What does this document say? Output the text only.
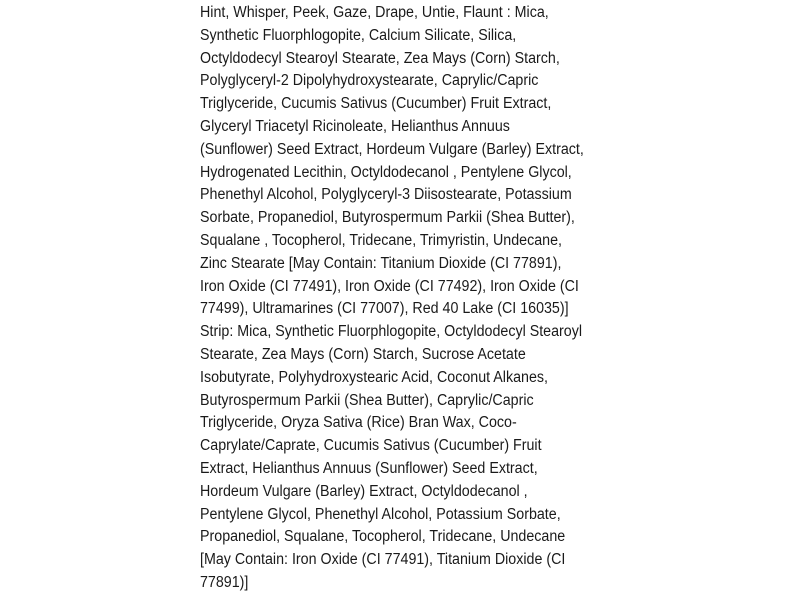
Hint, Whisper, Peek, Gaze, Drape, Untie, Flaunt : Mica,
Synthetic Fluorphlogopite, Calcium Silicate, Silica,
Octyldodecyl Stearoyl Stearate, Zea Mays (Corn) Starch,
Polyglyceryl-2 Dipolyhydroxystearate, Caprylic/Capric
Triglyceride, Cucumis Sativus (Cucumber) Fruit Extract,
Glyceryl Triacetyl Ricinoleate, Helianthus Annuus
(Sunflower) Seed Extract, Hordeum Vulgare (Barley) Extract,
Hydrogenated Lecithin, Octyldodecanol , Pentylene Glycol,
Phenethyl Alcohol, Polyglyceryl-3 Diisostearate, Potassium
Sorbate, Propanediol, Butyrospermum Parkii (Shea Butter),
Squalane , Tocopherol, Tridecane, Trimyristin, Undecane,
Zinc Stearate [May Contain: Titanium Dioxide (CI 77891),
Iron Oxide (CI 77491), Iron Oxide (CI 77492), Iron Oxide (CI
77499), Ultramarines (CI 77007), Red 40 Lake (CI 16035)]
Strip: Mica, Synthetic Fluorphlogopite, Octyldodecyl Stearoyl
Stearate, Zea Mays (Corn) Starch, Sucrose Acetate
Isobutyrate, Polyhydroxystearic Acid, Coconut Alkanes,
Butyrospermum Parkii (Shea Butter), Caprylic/Capric
Triglyceride, Oryza Sativa (Rice) Bran Wax, Coco-
Caprylate/Caprate, Cucumis Sativus (Cucumber) Fruit
Extract, Helianthus Annuus (Sunflower) Seed Extract,
Hordeum Vulgare (Barley) Extract, Octyldodecanol ,
Pentylene Glycol, Phenethyl Alcohol, Potassium Sorbate,
Propanediol, Squalane, Tocopherol, Tridecane, Undecane
[May Contain: Iron Oxide (CI 77491), Titanium Dioxide (CI
77891)]
